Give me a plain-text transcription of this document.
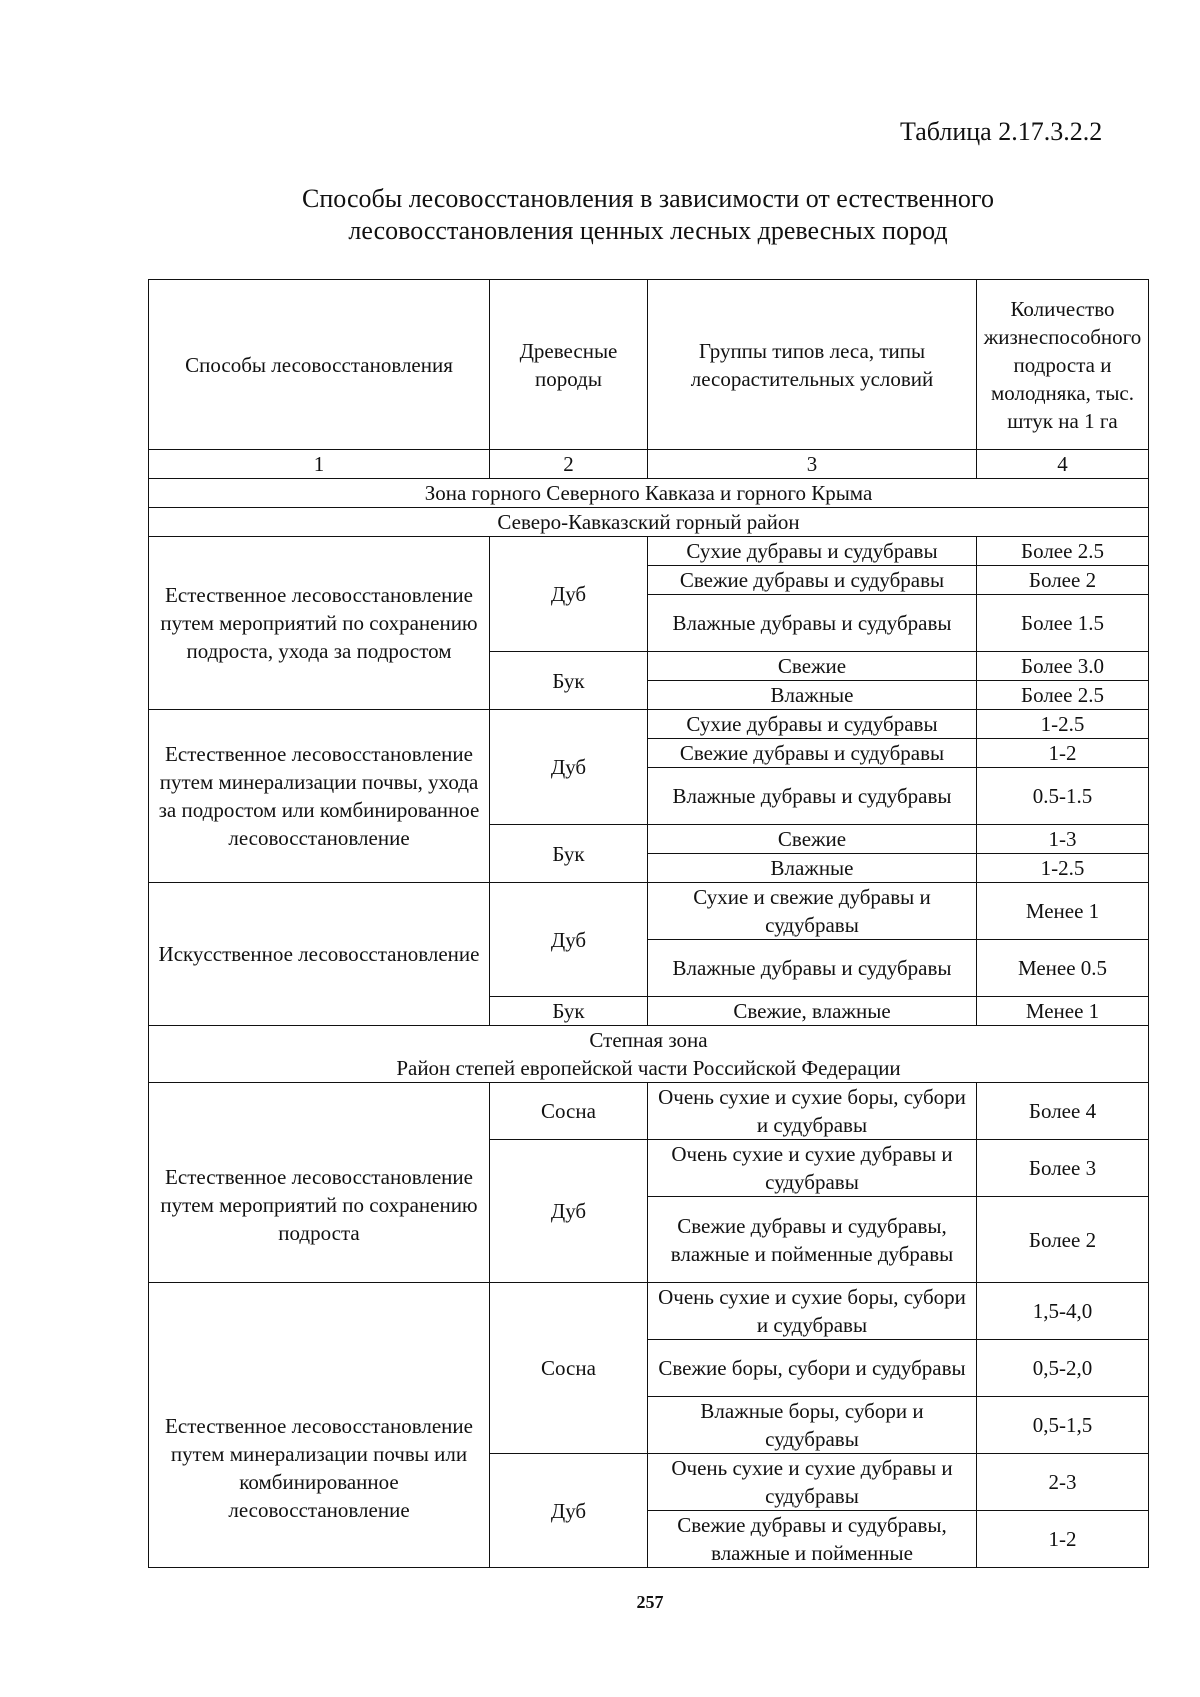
Таблица 2.17.3.2.2
Способы лесовосстановления в зависимости от естественного
лесовосстановления ценных лесных древесных пород
Способы лесовосстановления	Древесные породы	Группы типов леса, типы лесорастительных условий	Количество жизнеспособного подроста и молодняка, тыс. штук на 1 га
1	2	3	4
Зона горного Северного Кавказа и горного Крыма			
Северо-Кавказский горный район			
Естественное лесовосстановление путем мероприятий по сохранению подроста, ухода за подростом	Дуб	Сухие дубравы и судубравы	Более 2.5
		Свежие дубравы и судубравы	Более 2
		Влажные дубравы и судубравы	Более 1.5
	Бук	Свежие	Более 3.0
		Влажные	Более 2.5
Естественное лесовосстановление путем минерализации почвы, ухода за подростом или комбинированное лесовосстановление	Дуб	Сухие дубравы и судубравы	1-2.5
		Свежие дубравы и судубравы	1-2
		Влажные дубравы и судубравы	0.5-1.5
	Бук	Свежие	1-3
		Влажные	1-2.5
Искусственное лесовосстановление	Дуб	Сухие и свежие дубравы и судубравы	Менее 1
		Влажные дубравы и судубравы	Менее 0.5
	Бук	Свежие, влажные	Менее 1

Степная зона
Район степей европейской части Российской Федерации			

Естественное лесовосстановление путем мероприятий по сохранению подроста	Сосна	Очень сухие и сухие боры, субори и судубравы	Более 4
	Дуб	Очень сухие и сухие дубравы и судубравы	Более 3
		Свежие дубравы и судубравы, влажные и пойменные дубравы	Более 2
Естественное лесовосстановление путем минерализации почвы или комбинированное лесовосстановление	Сосна	Очень сухие и сухие боры, субори и судубравы	1,5-4,0
		Свежие боры, субори и судубравы	0,5-2,0
		Влажные боры, субори и судубравы	0,5-1,5
	Дуб	Очень сухие и сухие дубравы и судубравы	2-3
		Свежие дубравы и судубравы, влажные и пойменные	1-2
257
